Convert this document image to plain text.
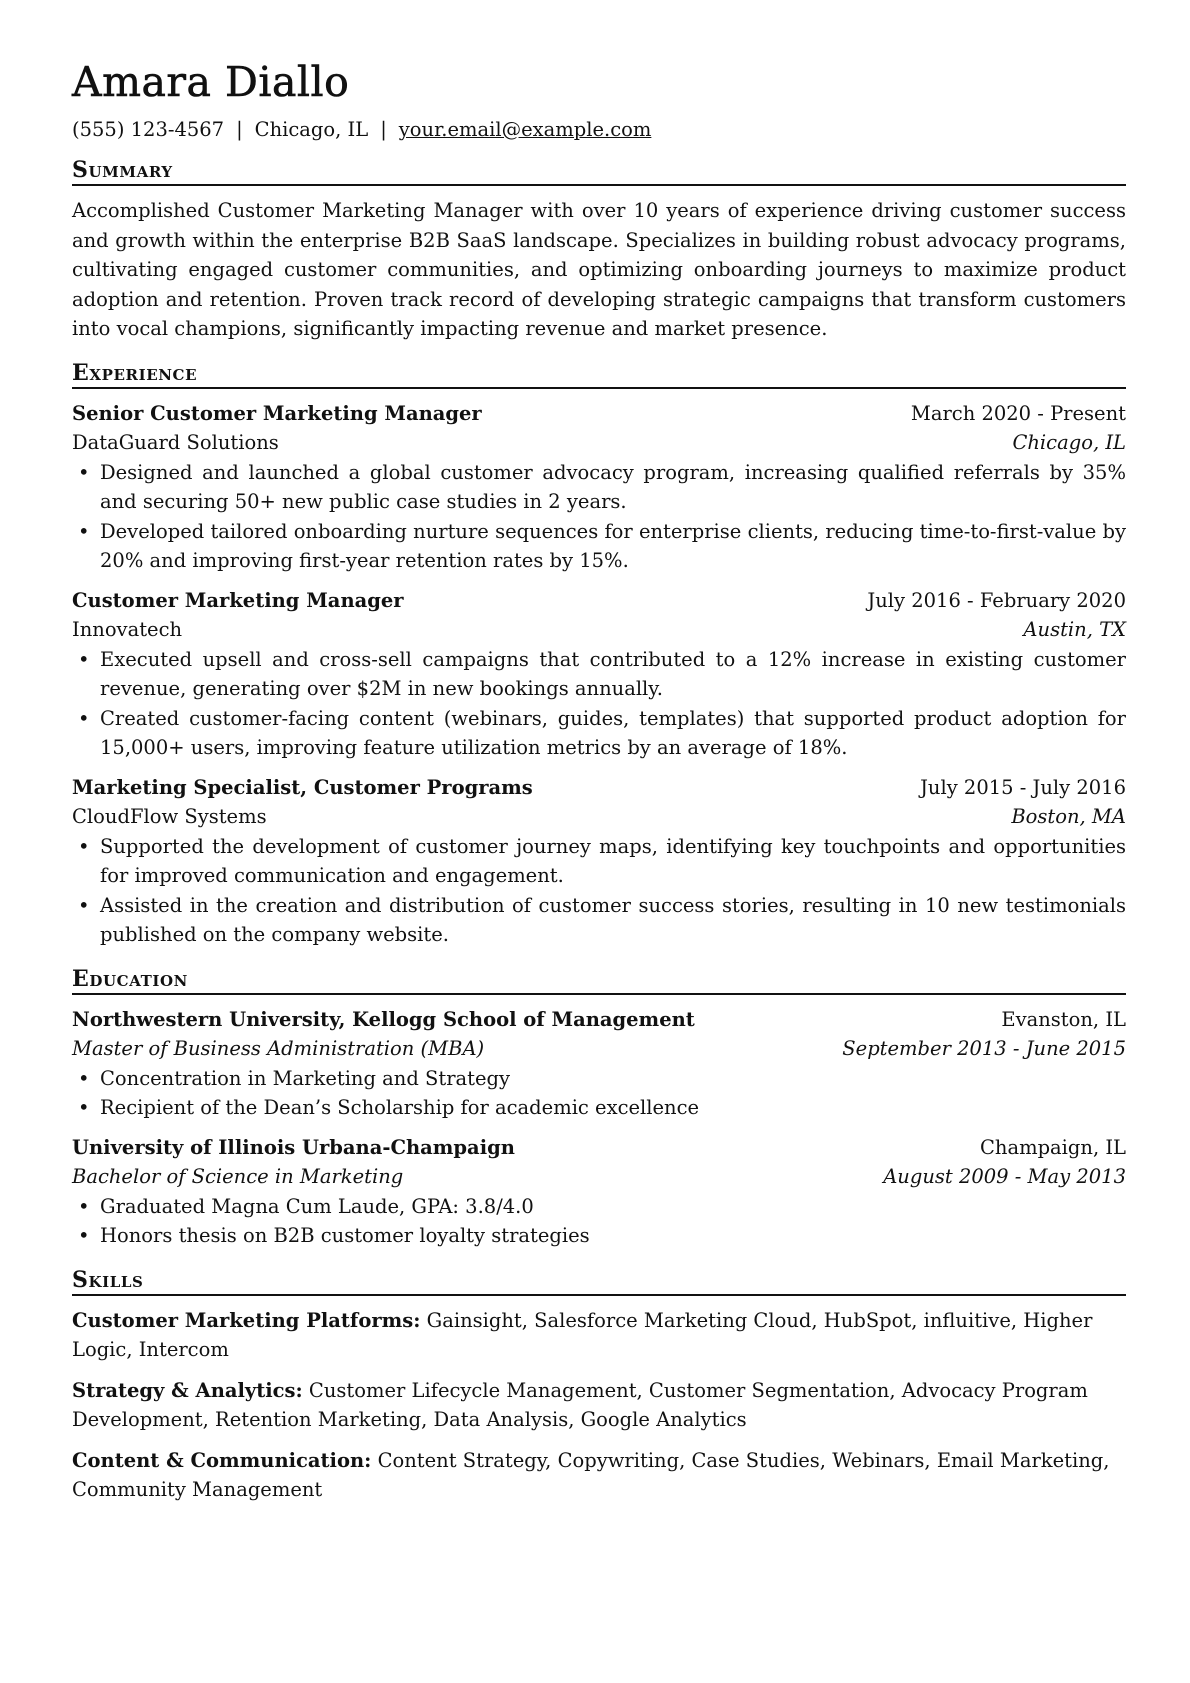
Amara Diallo
(555) 123-4567 | Chicago, IL | your.email@example.com
Summary
Accomplished Customer Marketing Manager with over 10 years of experience driving customer success and growth within the enterprise B2B SaaS landscape. Specializes in building robust advocacy programs, cultivating engaged customer communities, and optimizing onboarding journeys to maximize product adoption and retention. Proven track record of developing strategic campaigns that transform customers into vocal champions, significantly impacting revenue and market presence.
Experience
Senior Customer Marketing Manager	March 2020 - Present
DataGuard Solutions	Chicago, IL
• Designed and launched a global customer advocacy program, increasing qualified referrals by 35% and securing 50+ new public case studies in 2 years.
• Developed tailored onboarding nurture sequences for enterprise clients, reducing time-to-first-value by 20% and improving first-year retention rates by 15%.
Customer Marketing Manager	July 2016 - February 2020
Innovatech	Austin, TX
• Executed upsell and cross-sell campaigns that contributed to a 12% increase in existing customer revenue, generating over $2M in new bookings annually.
• Created customer-facing content (webinars, guides, templates) that supported product adoption for 15,000+ users, improving feature utilization metrics by an average of 18%.
Marketing Specialist, Customer Programs	July 2015 - July 2016
CloudFlow Systems	Boston, MA
• Supported the development of customer journey maps, identifying key touchpoints and opportunities for improved communication and engagement.
• Assisted in the creation and distribution of customer success stories, resulting in 10 new testimonials published on the company website.
Education
Northwestern University, Kellogg School of Management	Evanston, IL
Master of Business Administration (MBA)	September 2013 - June 2015
• Concentration in Marketing and Strategy
• Recipient of the Dean’s Scholarship for academic excellence
University of Illinois Urbana-Champaign	Champaign, IL
Bachelor of Science in Marketing	August 2009 - May 2013
• Graduated Magna Cum Laude, GPA: 3.8/4.0
• Honors thesis on B2B customer loyalty strategies
Skills
Customer Marketing Platforms: Gainsight, Salesforce Marketing Cloud, HubSpot, influitive, Higher Logic, Intercom
Strategy & Analytics: Customer Lifecycle Management, Customer Segmentation, Advocacy Program Development, Retention Marketing, Data Analysis, Google Analytics
Content & Communication: Content Strategy, Copywriting, Case Studies, Webinars, Email Marketing, Community Management
